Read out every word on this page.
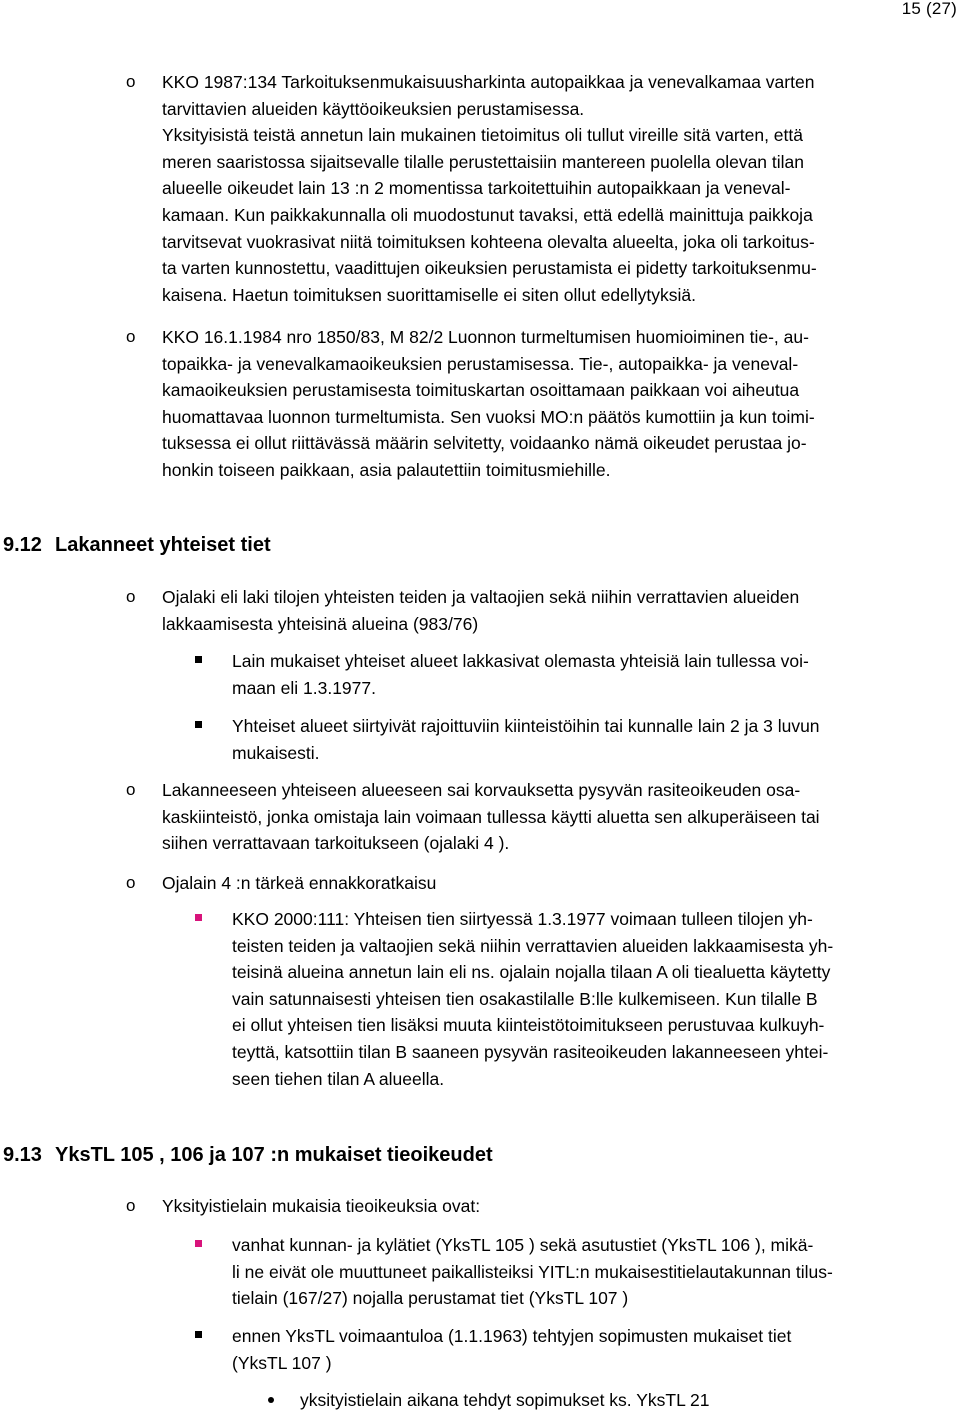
15 (27)
o KKO 1987:134 Tarkoituksenmukaisuusharkinta autopaikkaa ja venevalkamaa varten

tarvittavien alueiden käyttöoikeuksien perustamisessa.

Yksityisistä teistä annetun lain mukainen tietoimitus oli tullut vireille sitä varten, että

meren saaristossa sijaitsevalle tilalle perustettaisiin mantereen puolella olevan tilan

alueelle oikeudet lain 13 :n 2 momentissa tarkoitettuihin autopaikkaan ja veneval-

kamaan. Kun paikkakunnalla oli muodostunut tavaksi, että edellä mainittuja paikkoja

tarvitsevat vuokrasivat niitä toimituksen kohteena olevalta alueelta, joka oli tarkoitus-

ta varten kunnostettu, vaadittujen oikeuksien perustamista ei pidetty tarkoituksenmu-

kaisena. Haetun toimituksen suorittamiselle ei siten ollut edellytyksiä.

o KKO 16.1.1984 nro 1850/83, M 82/2 Luonnon turmeltumisen huomioiminen tie-, au-

topaikka- ja venevalkamaoikeuksien perustamisessa. Tie-, autopaikka- ja veneval-

kamaoikeuksien perustamisesta toimituskartan osoittamaan paikkaan voi aiheutua

huomattavaa luonnon turmeltumista. Sen vuoksi MO:n päätös kumottiin ja kun toimi-

tuksessa ei ollut riittävässä määrin selvitetty, voidaanko nämä oikeudet perustaa jo-

honkin toiseen paikkaan, asia palautettiin toimitusmiehille.

9.12 Lakanneet yhteiset tiet
o Ojalaki eli laki tilojen yhteisten teiden ja valtaojien sekä niihin verrattavien alueiden

lakkaamisesta yhteisinä alueina (983/76)

Lain mukaiset yhteiset alueet lakkasivat olemasta yhteisiä lain tullessa voi-

maan eli 1.3.1977.

Yhteiset alueet siirtyivät rajoittuviin kiinteistöihin tai kunnalle lain 2 ja 3 luvun

mukaisesti.

o Lakanneeseen yhteiseen alueeseen sai korvauksetta pysyvän rasiteoikeuden osa-

kaskiinteistö, jonka omistaja lain voimaan tullessa käytti aluetta sen alkuperäiseen tai

siihen verrattavaan tarkoitukseen (ojalaki 4 ).

o Ojalain 4 :n tärkeä ennakkoratkaisu

KKO 2000:111: Yhteisen tien siirtyessä 1.3.1977 voimaan tulleen tilojen yh-

teisten teiden ja valtaojien sekä niihin verrattavien alueiden lakkaamisesta yh-

teisinä alueina annetun lain eli ns. ojalain nojalla tilaan A oli tiealuetta käytetty

vain satunnaisesti yhteisen tien osakastilalle B:lle kulkemiseen. Kun tilalle B

ei ollut yhteisen tien lisäksi muuta kiinteistötoimitukseen perustuvaa kulkuyh-

teyttä, katsottiin tilan B saaneen pysyvän rasiteoikeuden lakanneeseen yhtei-

seen tiehen tilan A alueella.

9.13 YksTL 105 , 106 ja 107 :n mukaiset tieoikeudet
o Yksityistielain mukaisia tieoikeuksia ovat:

vanhat kunnan- ja kylätiet (YksTL 105 ) sekä asutustiet (YksTL 106 ), mikä-

li ne eivät ole muuttuneet paikallisteiksi YITL:n mukaisestitielautakunnan tilus-

tielain (167/27) nojalla perustamat tiet (YksTL 107 )

ennen YksTL voimaantuloa (1.1.1963) tehtyjen sopimusten mukaiset tiet

(YksTL 107 )

yksityistielain aikana tehdyt sopimukset ks. YksTL 21
